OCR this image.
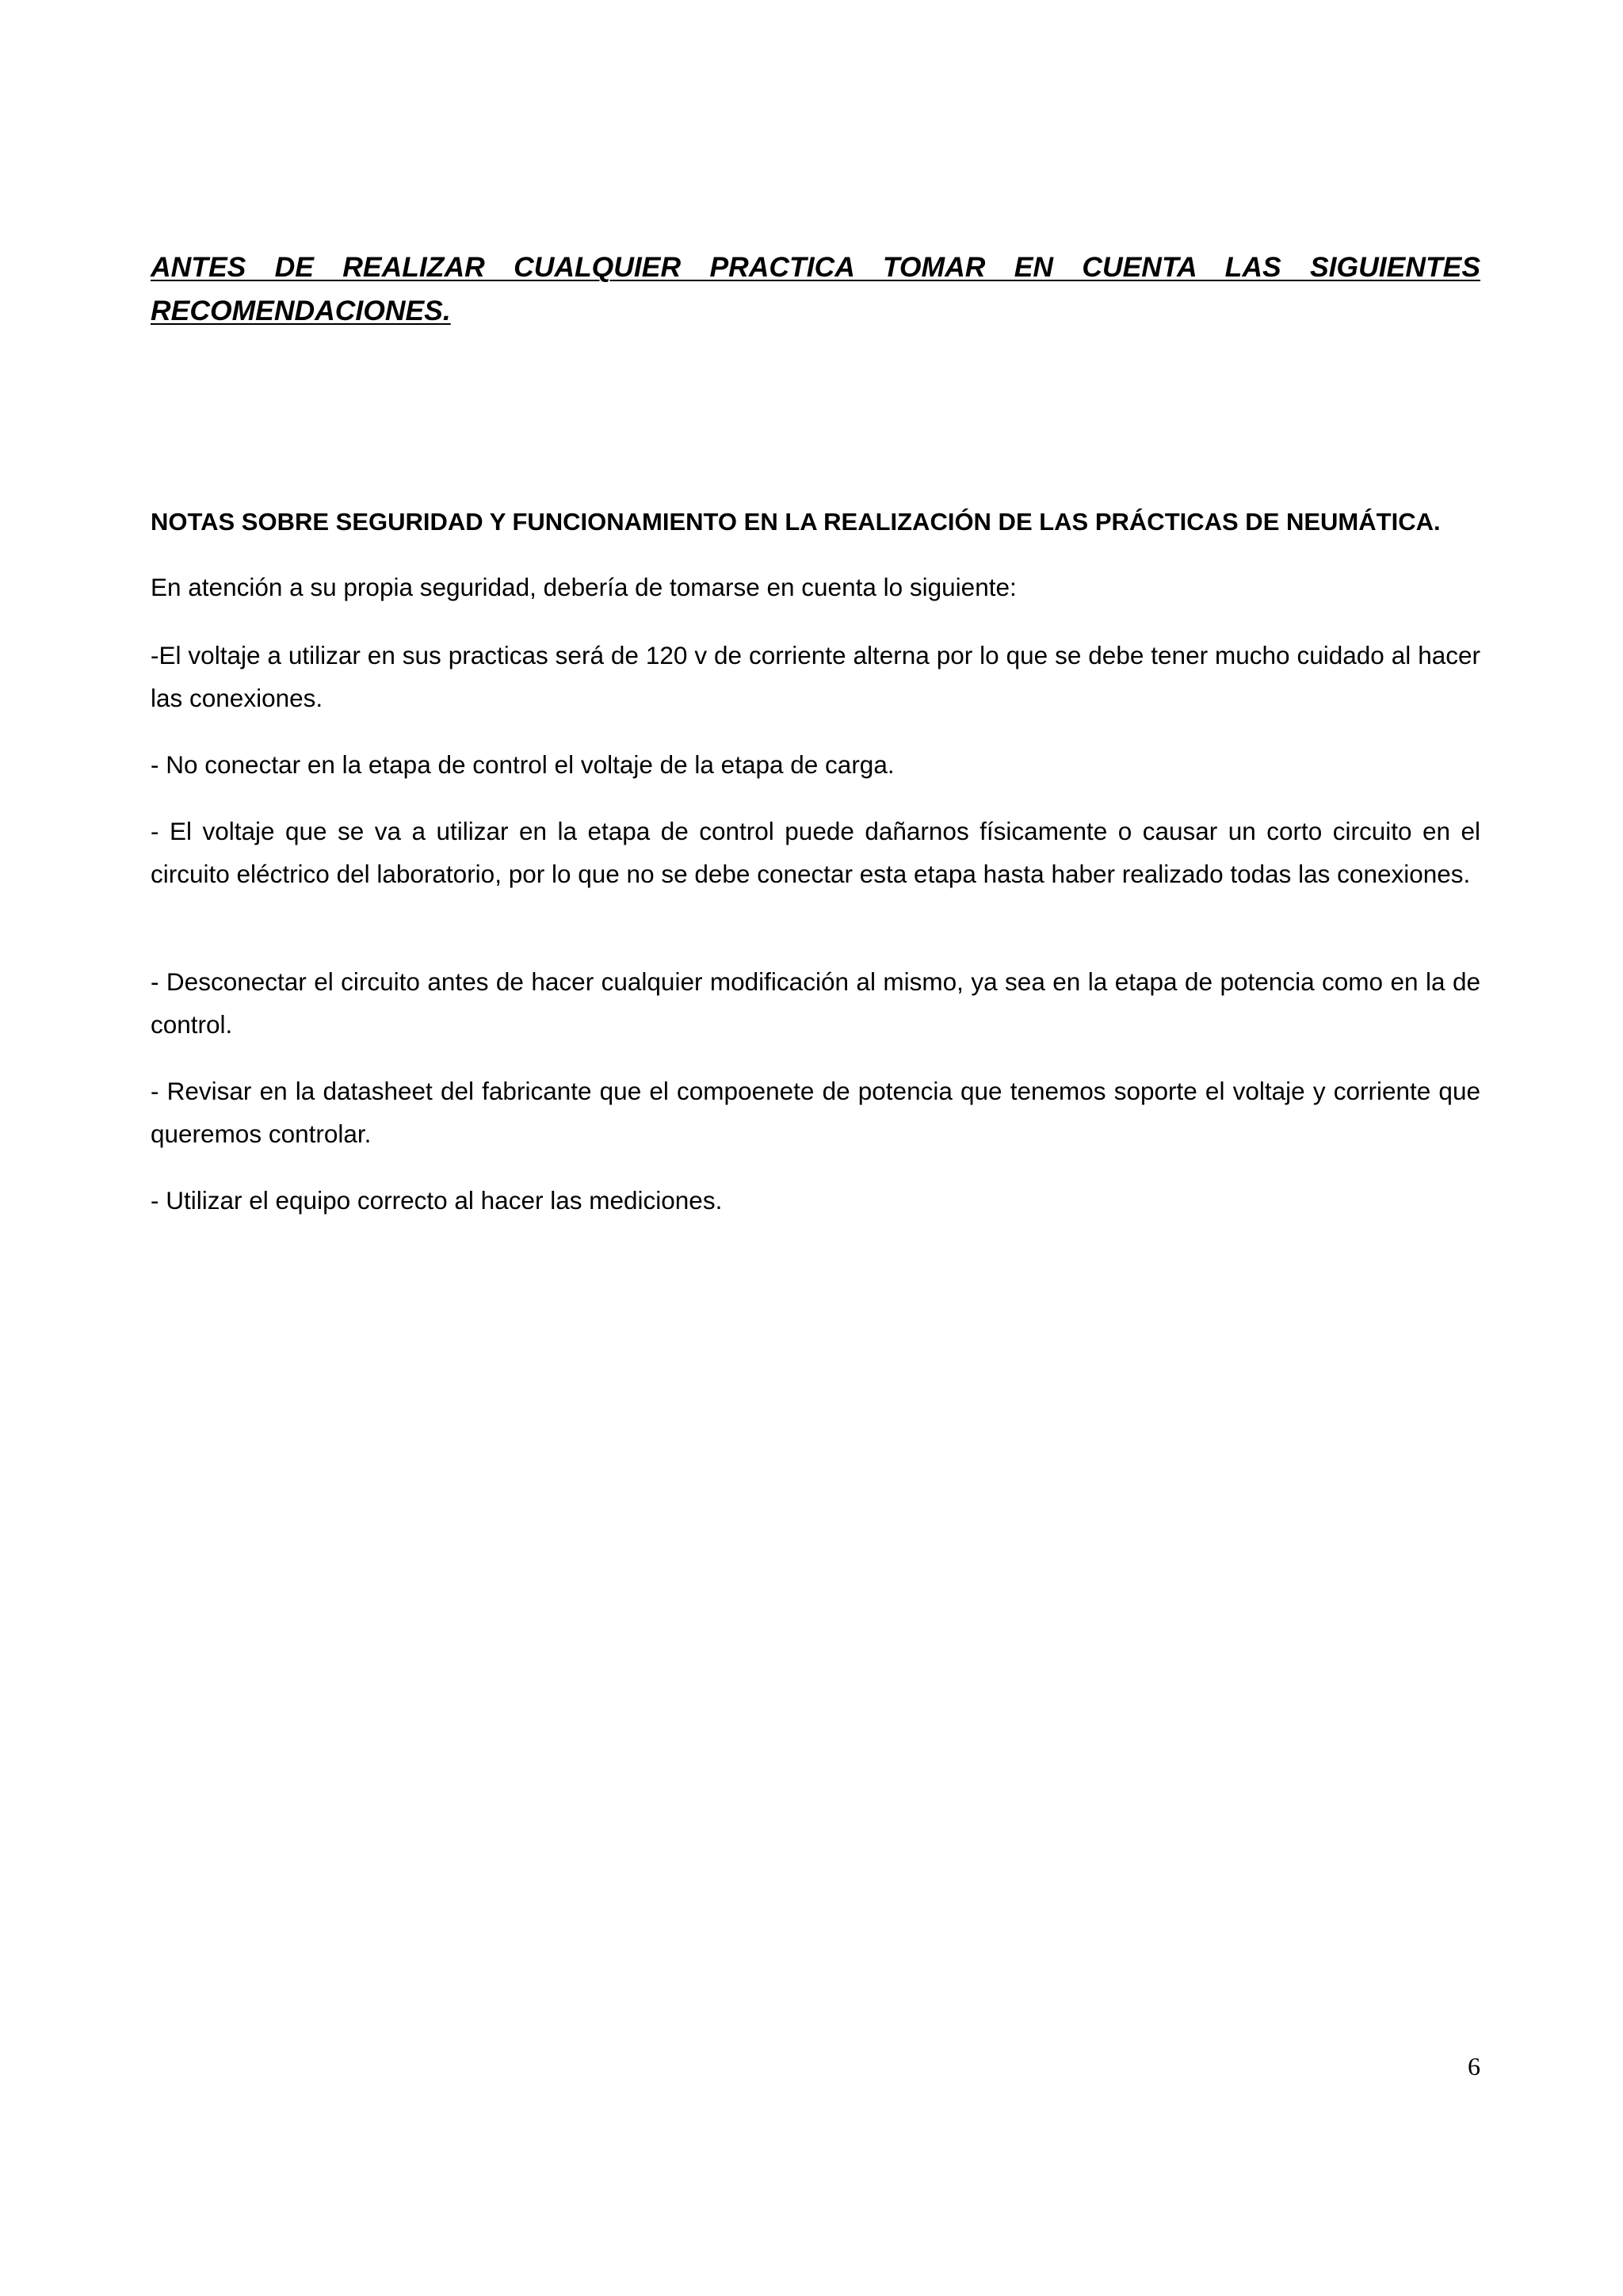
ANTES DE REALIZAR CUALQUIER PRACTICA TOMAR EN CUENTA LAS SIGUIENTES RECOMENDACIONES.
NOTAS SOBRE SEGURIDAD Y FUNCIONAMIENTO EN LA REALIZACIÓN DE LAS PRÁCTICAS DE NEUMÁTICA.

En atención a su propia seguridad, debería de tomarse en cuenta lo siguiente:

-El voltaje a utilizar en sus practicas será de 120 v de corriente alterna por lo que se debe tener mucho cuidado al hacer las conexiones.

- No conectar en la etapa de control el voltaje de la etapa de carga.

- El voltaje que se va a utilizar en la etapa de control puede dañarnos físicamente o causar un corto circuito en el circuito eléctrico del laboratorio, por lo que no se debe conectar esta etapa hasta haber realizado todas las conexiones.

- Desconectar el circuito antes de hacer cualquier modificación al mismo, ya sea en la etapa de potencia como en la de control.

- Revisar en la datasheet del fabricante que el compoenete de potencia que tenemos soporte el voltaje y corriente que queremos controlar.

- Utilizar el equipo correcto al hacer las mediciones.

6
